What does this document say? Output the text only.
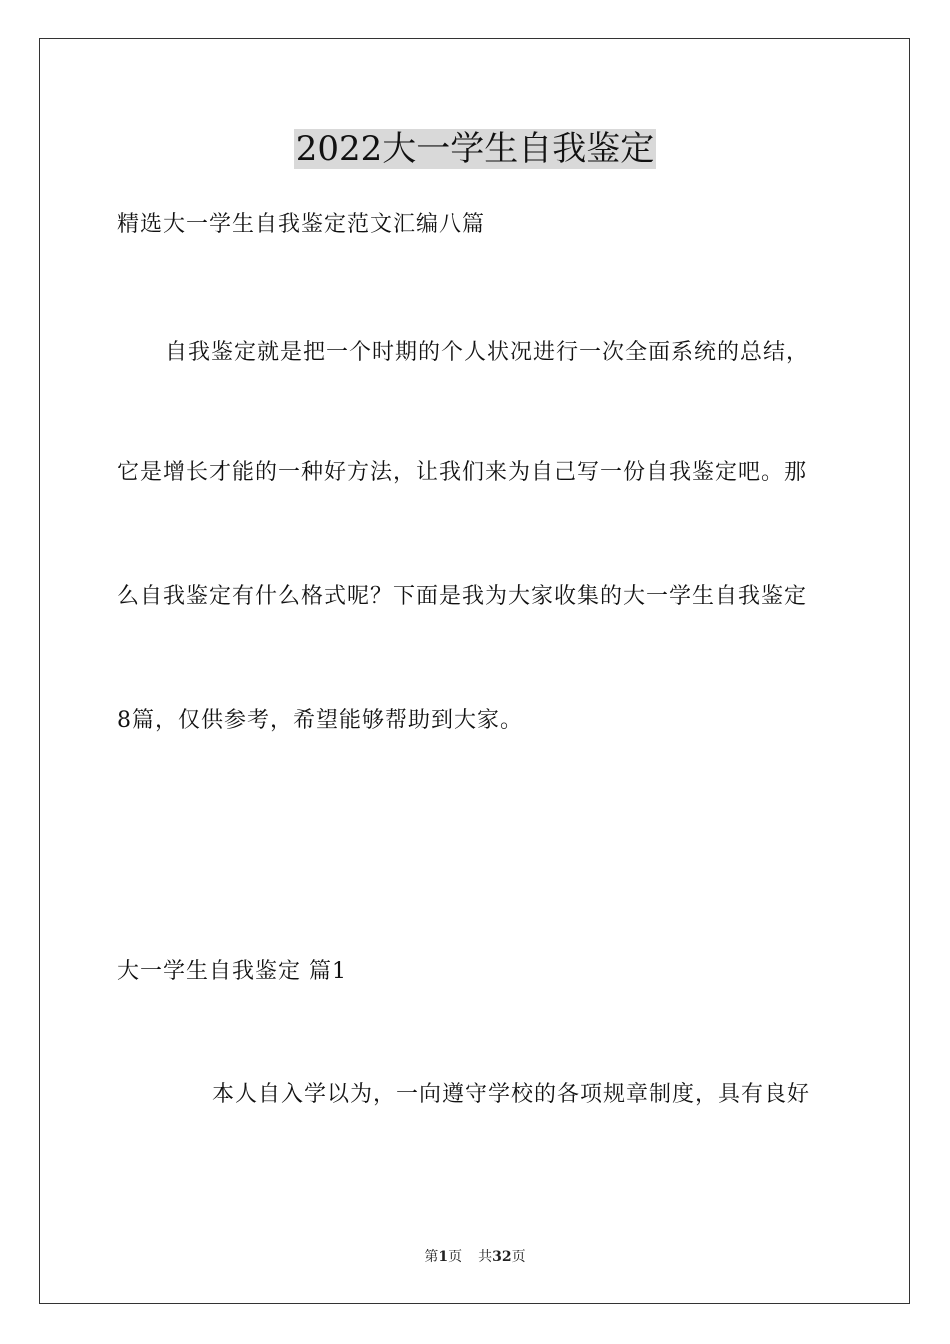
2022大一学生自我鉴定
精选大一学生自我鉴定范文汇编八篇
自我鉴定就是把一个时期的个人状况进行一次全面系统的总结，
它是增长才能的一种好方法，让我们来为自己写一份自我鉴定吧。那
么自我鉴定有什么格式呢？下面是我为大家收集的大一学生自我鉴定
8篇，仅供参考，希望能够帮助到大家。
大一学生自我鉴定 篇1
本人自入学以为，一向遵守学校的各项规章制度，具有良好
第1页 共32页
